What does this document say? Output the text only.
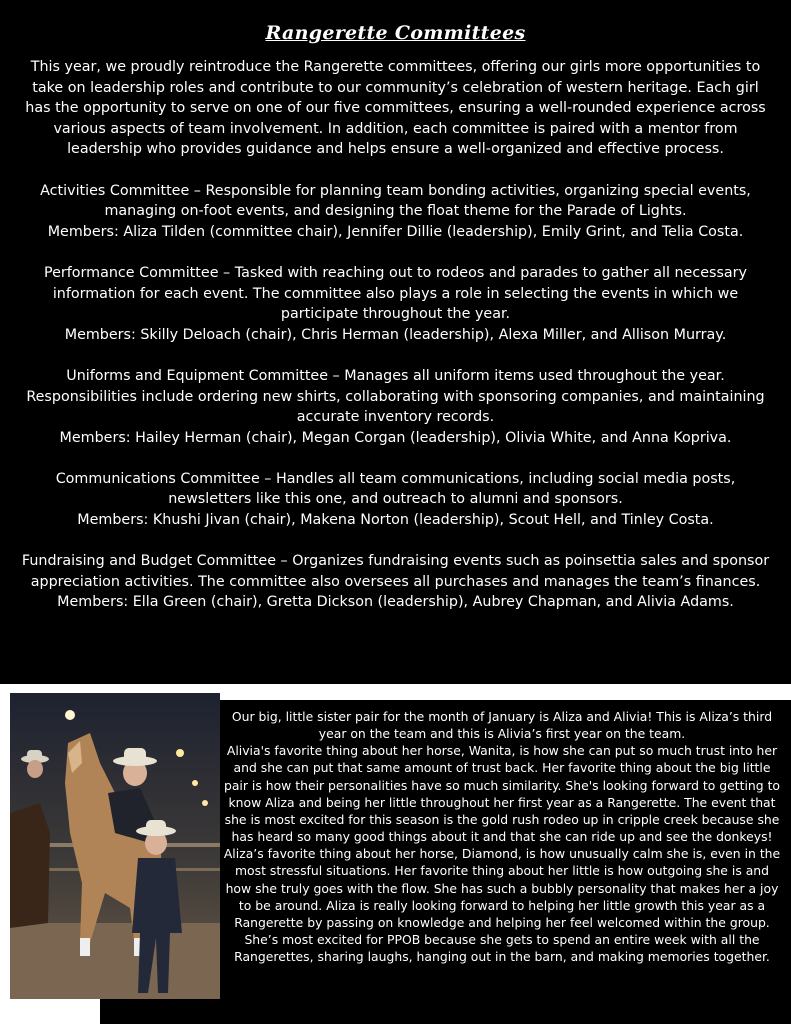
Rangerette Committees

This year, we proudly reintroduce the Rangerette committees, offering our girls more opportunities to take on leadership roles and contribute to our community’s celebration of western heritage. Each girl has the opportunity to serve on one of our five committees, ensuring a well-rounded experience across various aspects of team involvement. In addition, each committee is paired with a mentor from leadership who provides guidance and helps ensure a well-organized and effective process.

Activities Committee – Responsible for planning team bonding activities, organizing special events, managing on-foot events, and designing the float theme for the Parade of Lights.

Members: Aliza Tilden (committee chair), Jennifer Dillie (leadership), Emily Grint, and Telia Costa.

Performance Committee – Tasked with reaching out to rodeos and parades to gather all necessary information for each event. The committee also plays a role in selecting the events in which we participate throughout the year.

Members: Skilly Deloach (chair), Chris Herman (leadership), Alexa Miller, and Allison Murray.

Uniforms and Equipment Committee – Manages all uniform items used throughout the year. Responsibilities include ordering new shirts, collaborating with sponsoring companies, and maintaining accurate inventory records.

Members: Hailey Herman (chair), Megan Corgan (leadership), Olivia White, and Anna Kopriva.

Communications Committee – Handles all team communications, including social media posts, newsletters like this one, and outreach to alumni and sponsors.

Members: Khushi Jivan (chair), Makena Norton (leadership), Scout Hell, and Tinley Costa.

Fundraising and Budget Committee – Organizes fundraising events such as poinsettia sales and sponsor appreciation activities. The committee also oversees all purchases and manages the team’s finances.

Members: Ella Green (chair), Gretta Dickson (leadership), Aubrey Chapman, and Alivia Adams.

Our big, little sister pair for the month of January is Aliza and Alivia! This is Aliza’s third year on the team and this is Alivia’s first year on the team.

Alivia's favorite thing about her horse, Wanita, is how she can put so much trust into her and she can put that same amount of trust back. Her favorite thing about the big little pair is how their personalities have so much similarity. She's looking forward to getting to know Aliza and being her little throughout her first year as a Rangerette. The event that she is most excited for this season is the gold rush rodeo up in cripple creek because she has heard so many good things about it and that she can ride up and see the donkeys!

Aliza’s favorite thing about her horse, Diamond, is how unusually calm she is, even in the most stressful situations. Her favorite thing about her little is how outgoing she is and how she truly goes with the flow. She has such a bubbly personality that makes her a joy to be around. Aliza is really looking forward to helping her little growth this year as a Rangerette by passing on knowledge and helping her feel welcomed within the group. She’s most excited for PPOB because she gets to spend an entire week with all the Rangerettes, sharing laughs, hanging out in the barn, and making memories together.
